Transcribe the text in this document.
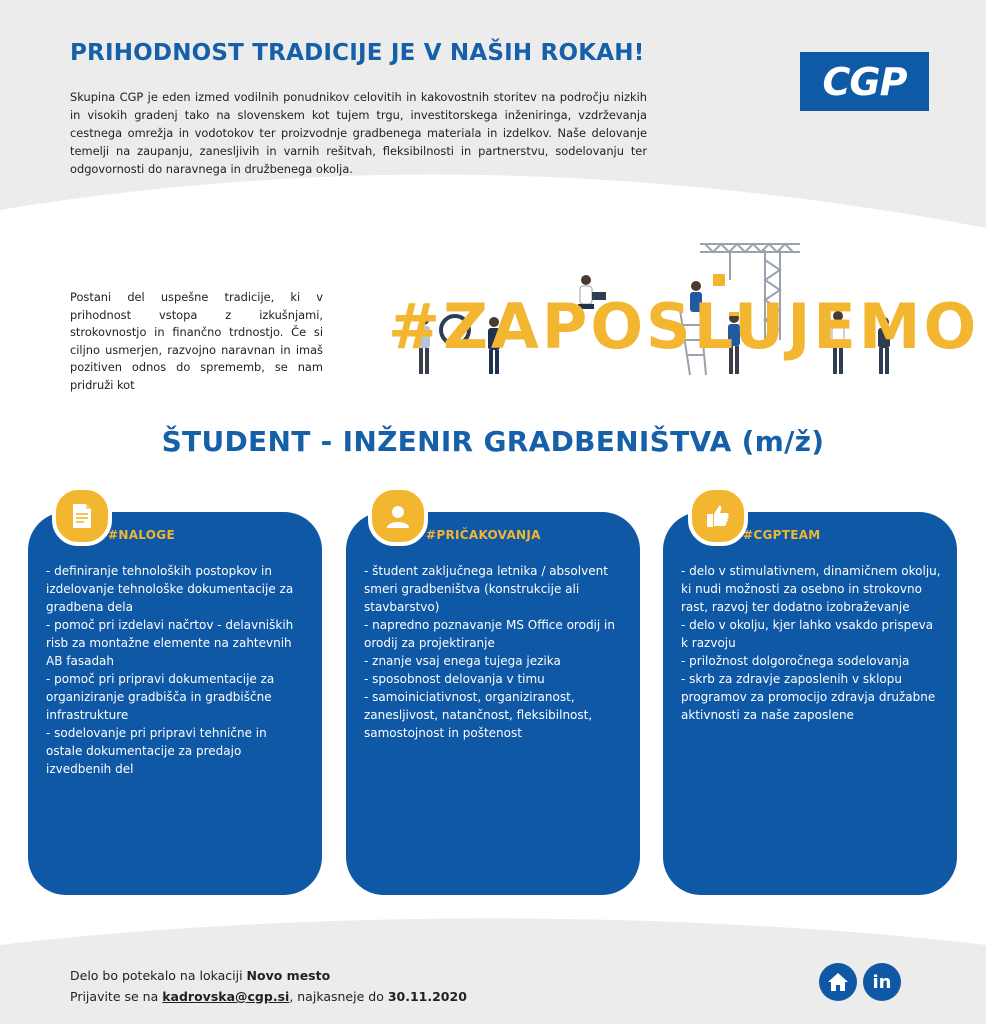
PRIHODNOST TRADICIJE JE V NAŠIH ROKAH!
Skupina CGP je eden izmed vodilnih ponudnikov celovitih in kakovostnih storitev na področju nizkih in visokih gradenj tako na slovenskem kot tujem trgu, investitorskega inženiringa, vzdrževanja cestnega omrežja in vodotokov ter proizvodnje gradbenega materiala in izdelkov. Naše delovanje temelji na zaupanju, zanesljivih in varnih rešitvah, fleksibilnosti in partnerstvu, sodelovanju ter odgovornosti do naravnega in družbenega okolja.
CGP
Postani del uspešne tradicije, ki v prihodnost vstopa z izkušnjami, strokovnostjo in finančno trdnostjo. Če si ciljno usmerjen, razvojno naravnan in imaš pozitiven odnos do sprememb, se nam pridruži kot
#ZAPOSLUJEMO
ŠTUDENT - INŽENIR GRADBENIŠTVA (m/ž)
#NALOGE
- definiranje tehnoloških postopkov in izdelovanje tehnološke dokumentacije za gradbena dela
- pomoč pri izdelavi načrtov - delavniških risb za montažne elemente na zahtevnih AB fasadah
- pomoč pri pripravi dokumentacije za organiziranje gradbišča in gradbiščne infrastrukture
- sodelovanje pri pripravi tehnične in ostale dokumentacije za predajo izvedbenih del
#PRIČAKOVANJA
- študent zaključnega letnika / absolvent smeri gradbeništva (konstrukcije ali stavbarstvo)
- napredno poznavanje MS Office orodij in orodij za projektiranje
- znanje vsaj enega tujega jezika
- sposobnost delovanja v timu
- samoiniciativnost, organiziranost, zanesljivost, natančnost, fleksibilnost, samostojnost in poštenost
#CGPTEAM
- delo v stimulativnem, dinamičnem okolju, ki nudi možnosti za osebno in strokovno rast, razvoj ter dodatno izobraževanje
- delo v okolju, kjer lahko vsakdo prispeva k razvoju
- priložnost dolgoročnega sodelovanja
- skrb za zdravje zaposlenih v sklopu programov za promocijo zdravja družabne aktivnosti za naše zaposlene
Delo bo potekalo na lokaciji Novo mesto
Prijavite se na kadrovska@cgp.si, najkasneje do 30.11.2020
in
